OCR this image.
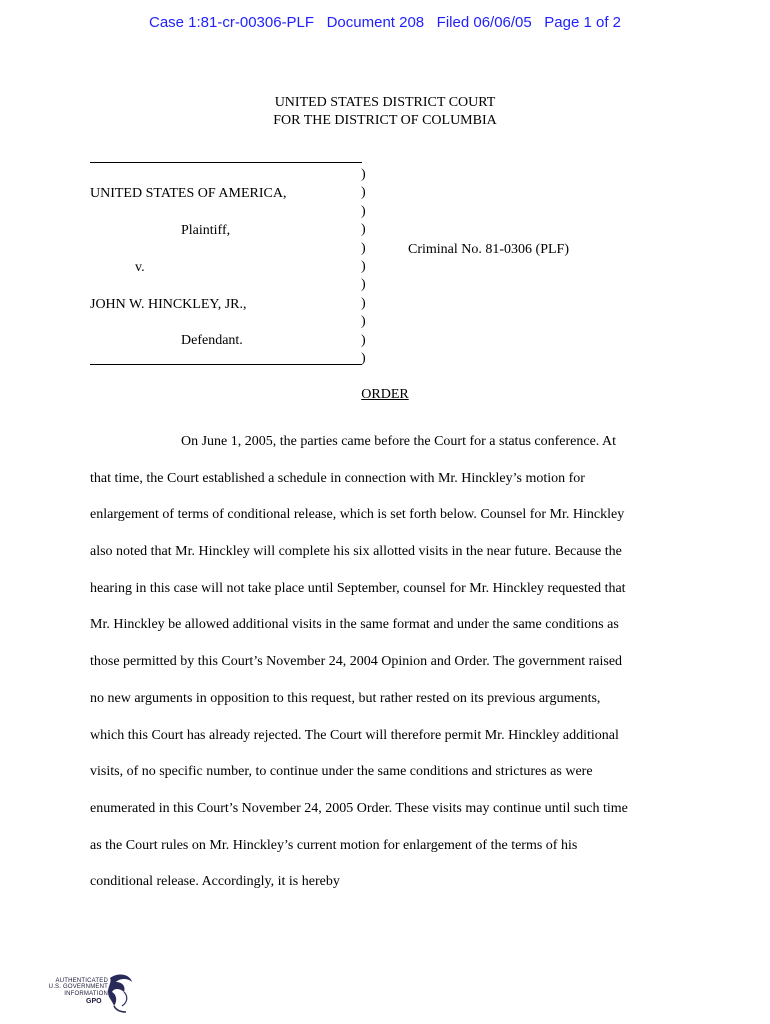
Case 1:81-cr-00306-PLF Document 208 Filed 06/06/05 Page 1 of 2
UNITED STATES DISTRICT COURT
FOR THE DISTRICT OF COLUMBIA
)
)
)
)
)
)
)
)
)
)
)
UNITED STATES OF AMERICA,
Plaintiff,
v.
JOHN W. HINCKLEY, JR.,
Defendant.
Criminal No. 81-0306 (PLF)
ORDER
On June 1, 2005, the parties came before the Court for a status conference. At
that time, the Court established a schedule in connection with Mr. Hinckley’s motion for
enlargement of terms of conditional release, which is set forth below. Counsel for Mr. Hinckley
also noted that Mr. Hinckley will complete his six allotted visits in the near future. Because the
hearing in this case will not take place until September, counsel for Mr. Hinckley requested that
Mr. Hinckley be allowed additional visits in the same format and under the same conditions as
those permitted by this Court’s November 24, 2004 Opinion and Order. The government raised
no new arguments in opposition to this request, but rather rested on its previous arguments,
which this Court has already rejected. The Court will therefore permit Mr. Hinckley additional
visits, of no specific number, to continue under the same conditions and strictures as were
enumerated in this Court’s November 24, 2005 Order. These visits may continue until such time
as the Court rules on Mr. Hinckley’s current motion for enlargement of the terms of his
conditional release. Accordingly, it is hereby
AUTHENTICATED
U.S. GOVERNMENT
INFORMATION
GPO
